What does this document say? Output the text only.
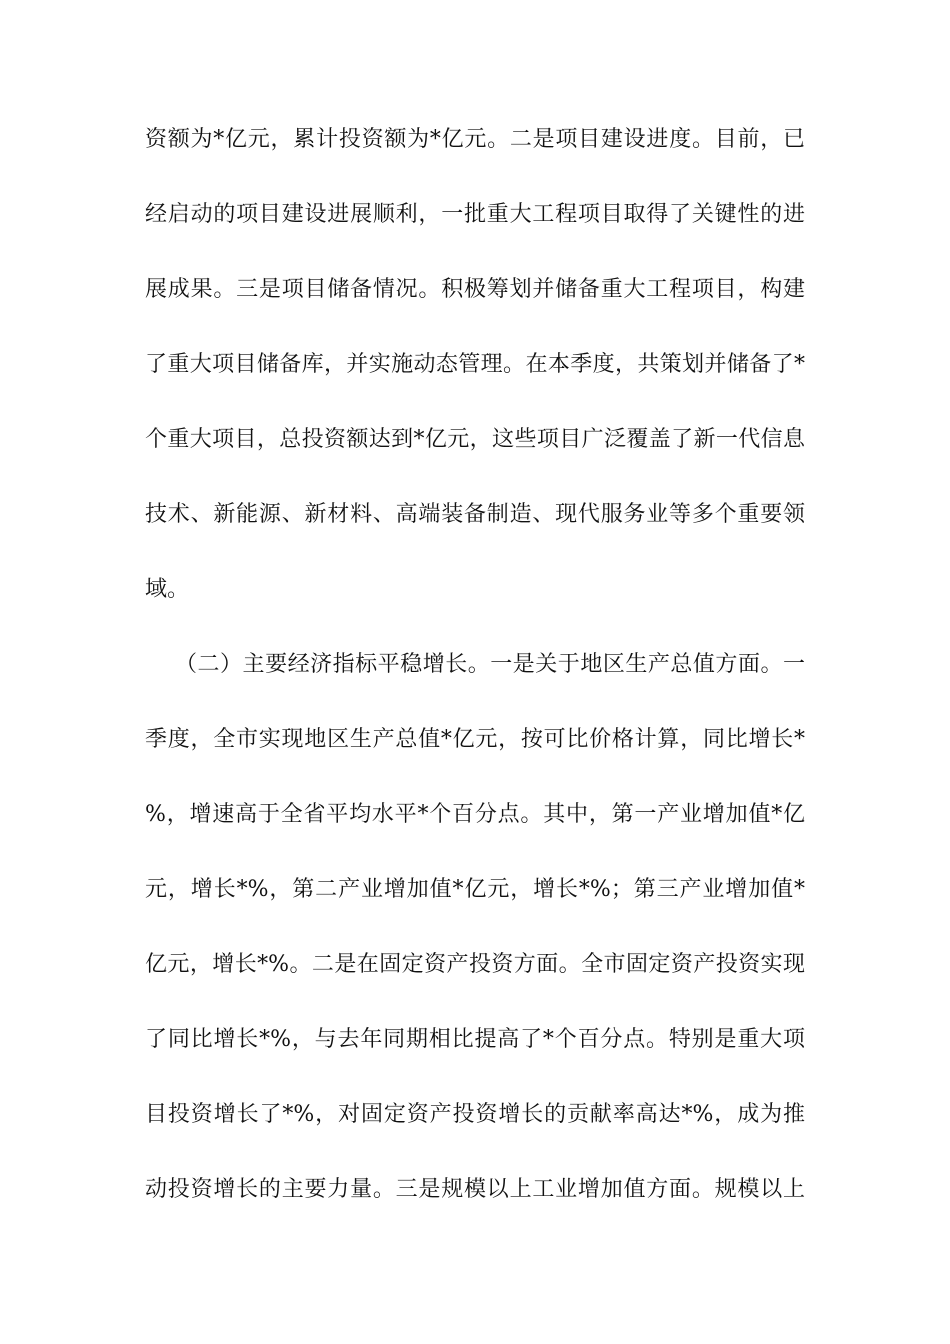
资额为*亿元，累计投资额为*亿元。二是项目建设进度。目前，已
经启动的项目建设进展顺利，一批重大工程项目取得了关键性的进
展成果。三是项目储备情况。积极筹划并储备重大工程项目，构建
了重大项目储备库，并实施动态管理。在本季度，共策划并储备了*
个重大项目，总投资额达到*亿元，这些项目广泛覆盖了新一代信息
技术、新能源、新材料、高端装备制造、现代服务业等多个重要领
域。
（二）主要经济指标平稳增长。一是关于地区生产总值方面。一
季度，全市实现地区生产总值*亿元，按可比价格计算，同比增长*
%，增速高于全省平均水平*个百分点。其中，第一产业增加值*亿
元，增长*%，第二产业增加值*亿元，增长*%；第三产业增加值*
亿元，增长*%。二是在固定资产投资方面。全市固定资产投资实现
了同比增长*%，与去年同期相比提高了*个百分点。特别是重大项
目投资增长了*%，对固定资产投资增长的贡献率高达*%，成为推
动投资增长的主要力量。三是规模以上工业增加值方面。规模以上
